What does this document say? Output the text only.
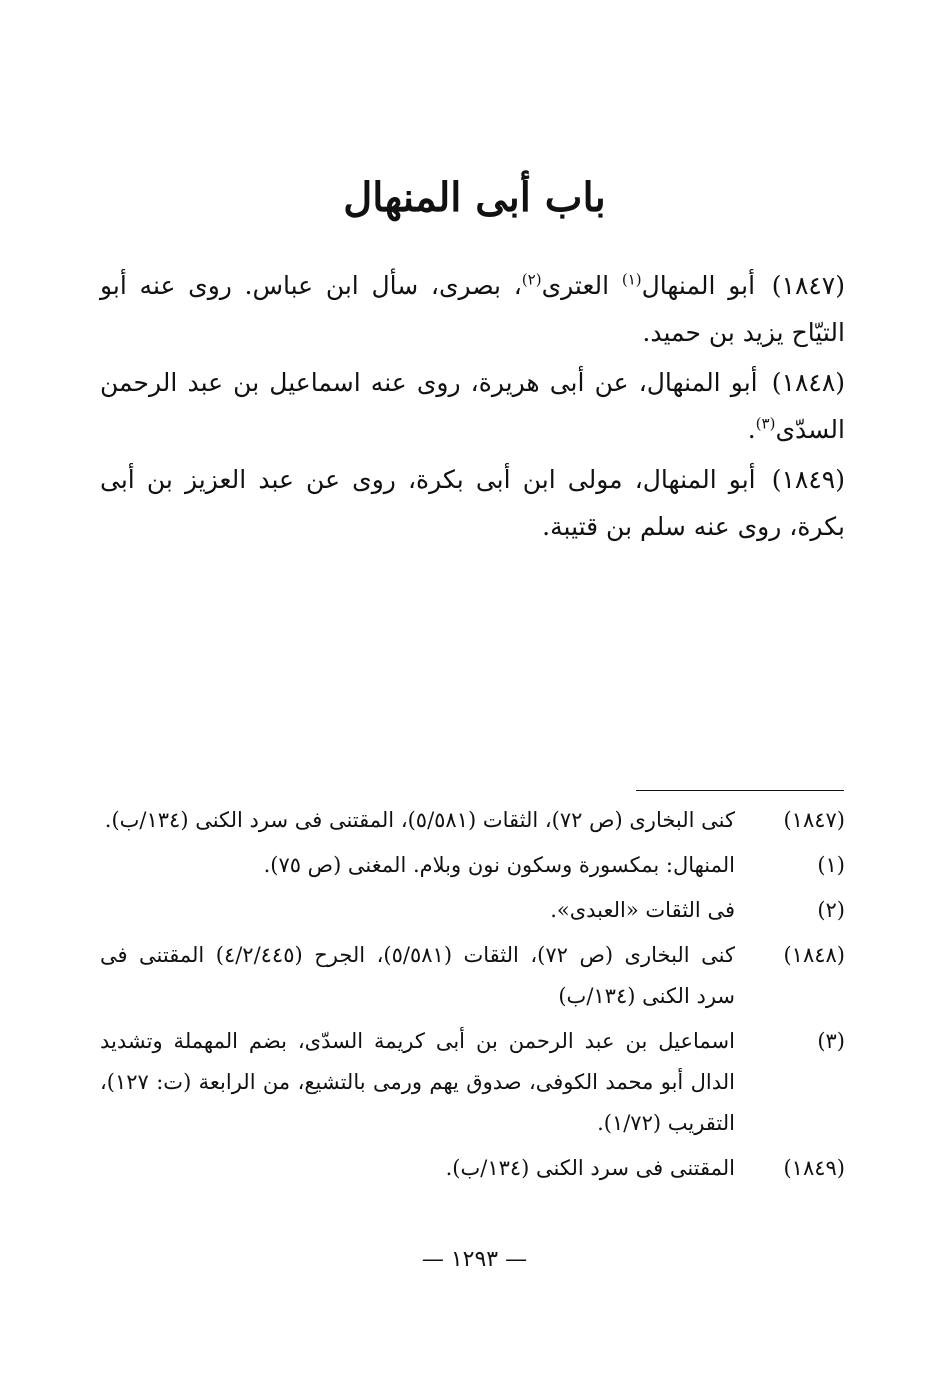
باب أبى المنهال

(١٨٤٧) أبو المنهال$^{(١)}$ العترى$^{(٢)}$، بصرى، سأل ابن عباس. روى عنه أبو التيّاح يزيد بن حميد.

(١٨٤٨) أبو المنهال، عن أبى هريرة، روى عنه اسماعيل بن عبد الرحمن السدّى$^{(٣)}$.

(١٨٤٩) أبو المنهال، مولى ابن أبى بكرة، روى عن عبد العزيز بن أبى بكرة، روى عنه سلم بن قتيبة.

(١٨٤٧)
كنى البخارى (ص ٧٢)، الثقات (٥/٥٨١)، المقتنى فى سرد الكنى (١٣٤/ب).
(١)
المنهال: بمكسورة وسكون نون وبلام. المغنى (ص ٧٥).
(٢)
فى الثقات «العبدى».
(١٨٤٨)
كنى البخارى (ص ٧٢)، الثقات (٥/٥٨١)، الجرح (٤/٢/٤٤٥) المقتنى فى سرد الكنى (١٣٤/ب)
(٣)
اسماعيل بن عبد الرحمن بن أبى كريمة السدّى، بضم المهملة وتشديد الدال أبو محمد الكوفى، صدوق يهم ورمى بالتشيع، من الرابعة (ت: ١٢٧)، التقريب (١/٧٢).
(١٨٤٩)
المقتنى فى سرد الكنى (١٣٤/ب).
— ١٢٩٣ —
